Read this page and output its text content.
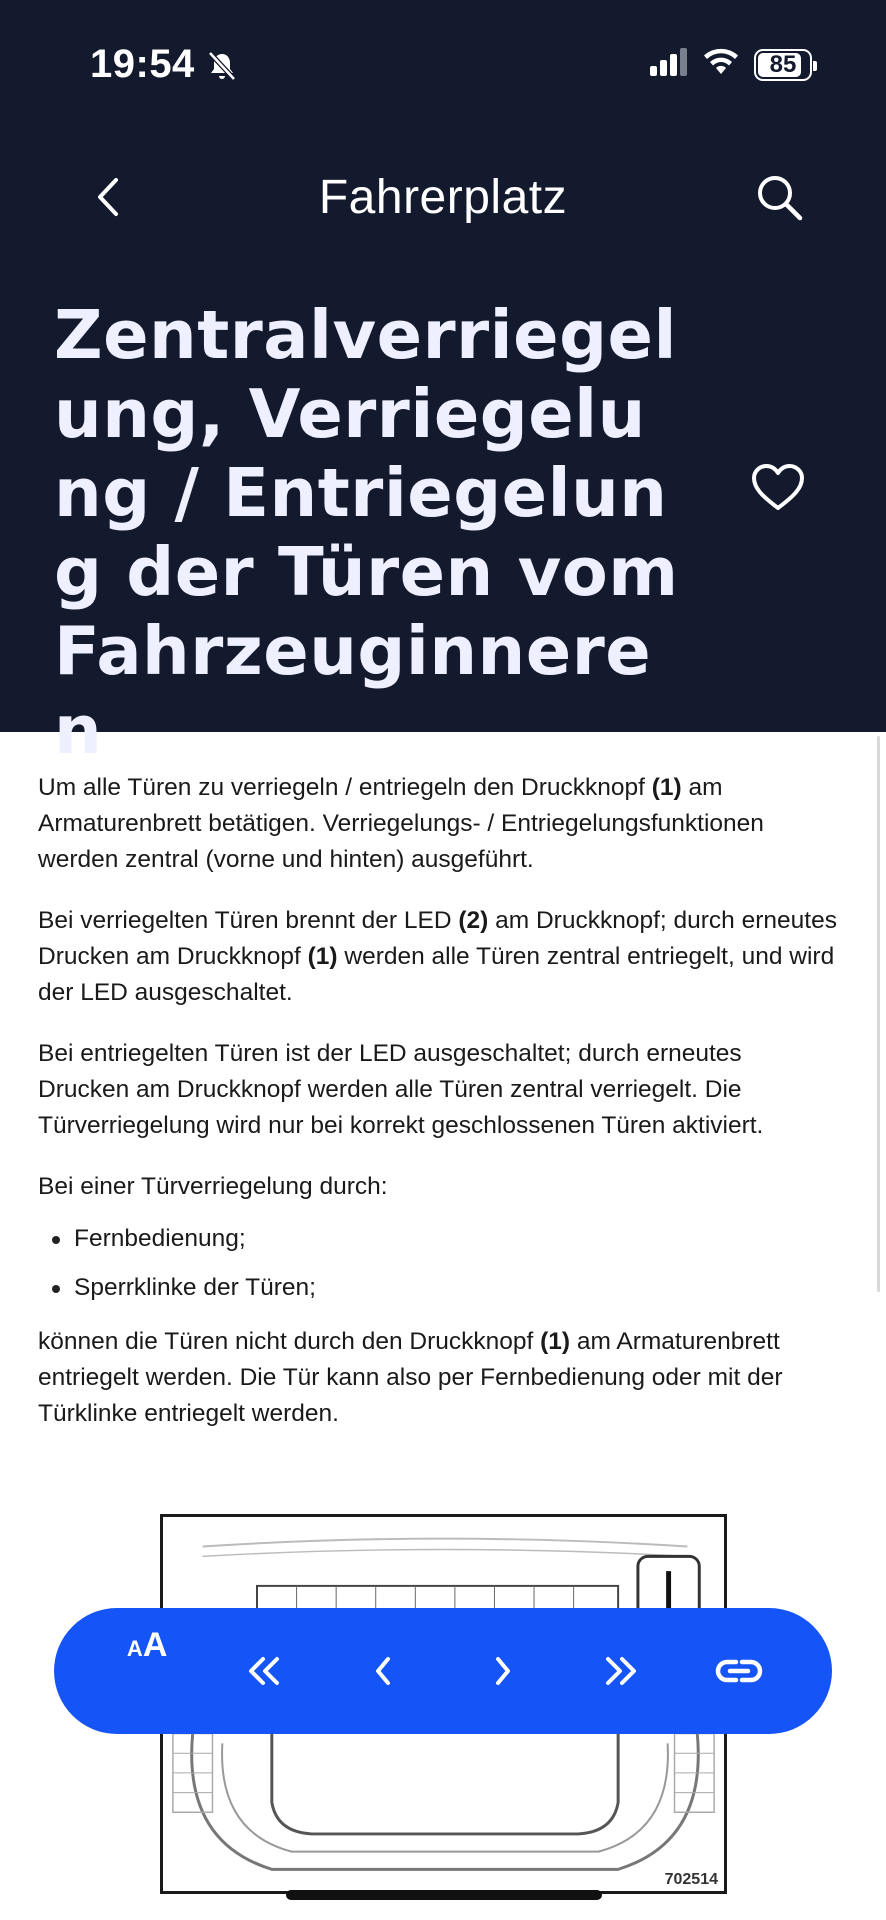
19:54	85
Fahrerplatz
Zentralverriegelung, Verriegelung / Entriegelung der Türen vom Fahrzeuginneren

Um alle Türen zu verriegeln / entriegeln den Druckknopf (1) am Armaturenbrett betätigen. Verriegelungs- / Entriegelungsfunktionen werden zentral (vorne und hinten) ausgeführt.

Bei verriegelten Türen brennt der LED (2) am Druckknopf; durch erneutes Drucken am Druckknopf (1) werden alle Türen zentral entriegelt, und wird der LED ausgeschaltet.

Bei entriegelten Türen ist der LED ausgeschaltet; durch erneutes Drucken am Druckknopf werden alle Türen zentral verriegelt. Die Türverriegelung wird nur bei korrekt geschlossenen Türen aktiviert.

Bei einer Türverriegelung durch:

Fernbedienung;
Sperrklinke der Türen;

können die Türen nicht durch den Druckknopf (1) am Armaturenbrett entriegelt werden. Die Tür kann also per Fernbedienung oder mit der Türklinke entriegelt werden.

702514
A A
